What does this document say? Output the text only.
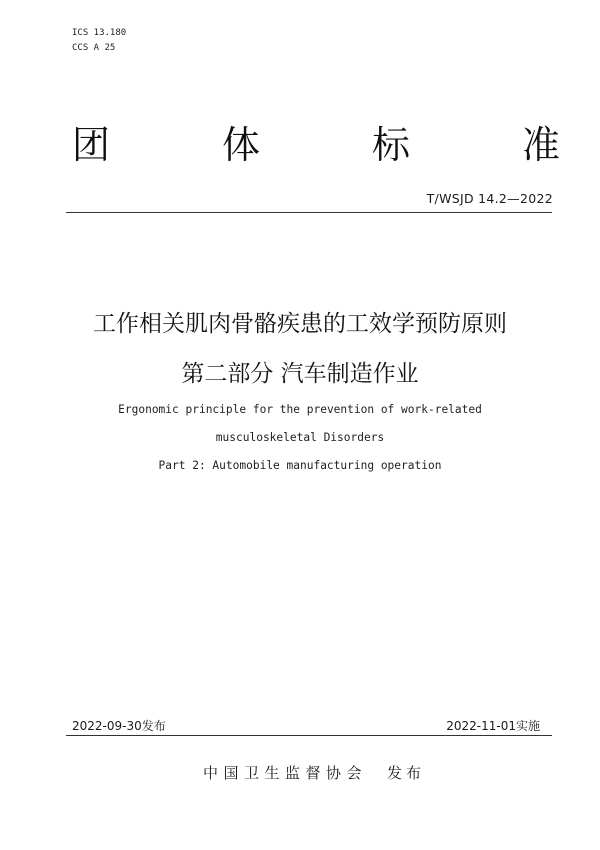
ICS 13.180
CCS A 25
团	体	标	准
T/WSJD 14.2—2022
工作相关肌肉骨骼疾患的工效学预防原则
第二部分 汽车制造作业
Ergonomic principle for the prevention of work-related
musculoskeletal Disorders
Part 2: Automobile manufacturing operation
2022-09-30发布	2022-11-01实施
中国卫生监督协会 发布
